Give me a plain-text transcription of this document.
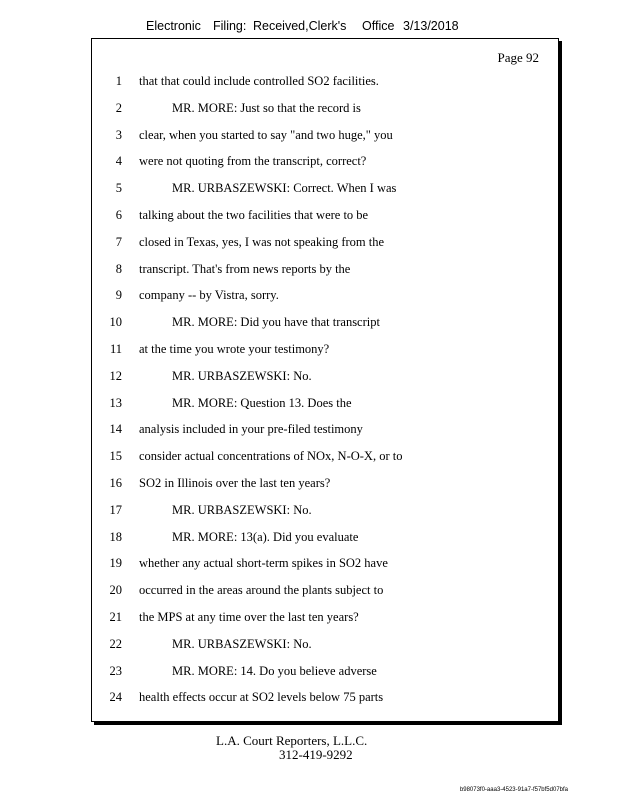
Electronic Filing: Received,Clerk's Office 3/13/2018
Page 92
1 that that could include controlled SO2 facilities.
2	MR. MORE: Just so that the record is
3 clear, when you started to say "and two huge," you
4 were not quoting from the transcript, correct?
5	MR. URBASZEWSKI: Correct. When I was
6 talking about the two facilities that were to be
7 closed in Texas, yes, I was not speaking from the
8 transcript. That's from news reports by the
9 company -- by Vistra, sorry.
10	MR. MORE: Did you have that transcript
11 at the time you wrote your testimony?
12	MR. URBASZEWSKI: No.
13	MR. MORE: Question 13. Does the
14 analysis included in your pre-filed testimony
15 consider actual concentrations of NOx, N-O-X, or to
16 SO2 in Illinois over the last ten years?
17	MR. URBASZEWSKI: No.
18	MR. MORE: 13(a). Did you evaluate
19 whether any actual short-term spikes in SO2 have
20 occurred in the areas around the plants subject to
21 the MPS at any time over the last ten years?
22	MR. URBASZEWSKI: No.
23	MR. MORE: 14. Do you believe adverse
24 health effects occur at SO2 levels below 75 parts
L.A. Court Reporters, L.L.C.
312-419-9292
b98073f0-aaa3-4523-91a7-f57bf5d07bfa
